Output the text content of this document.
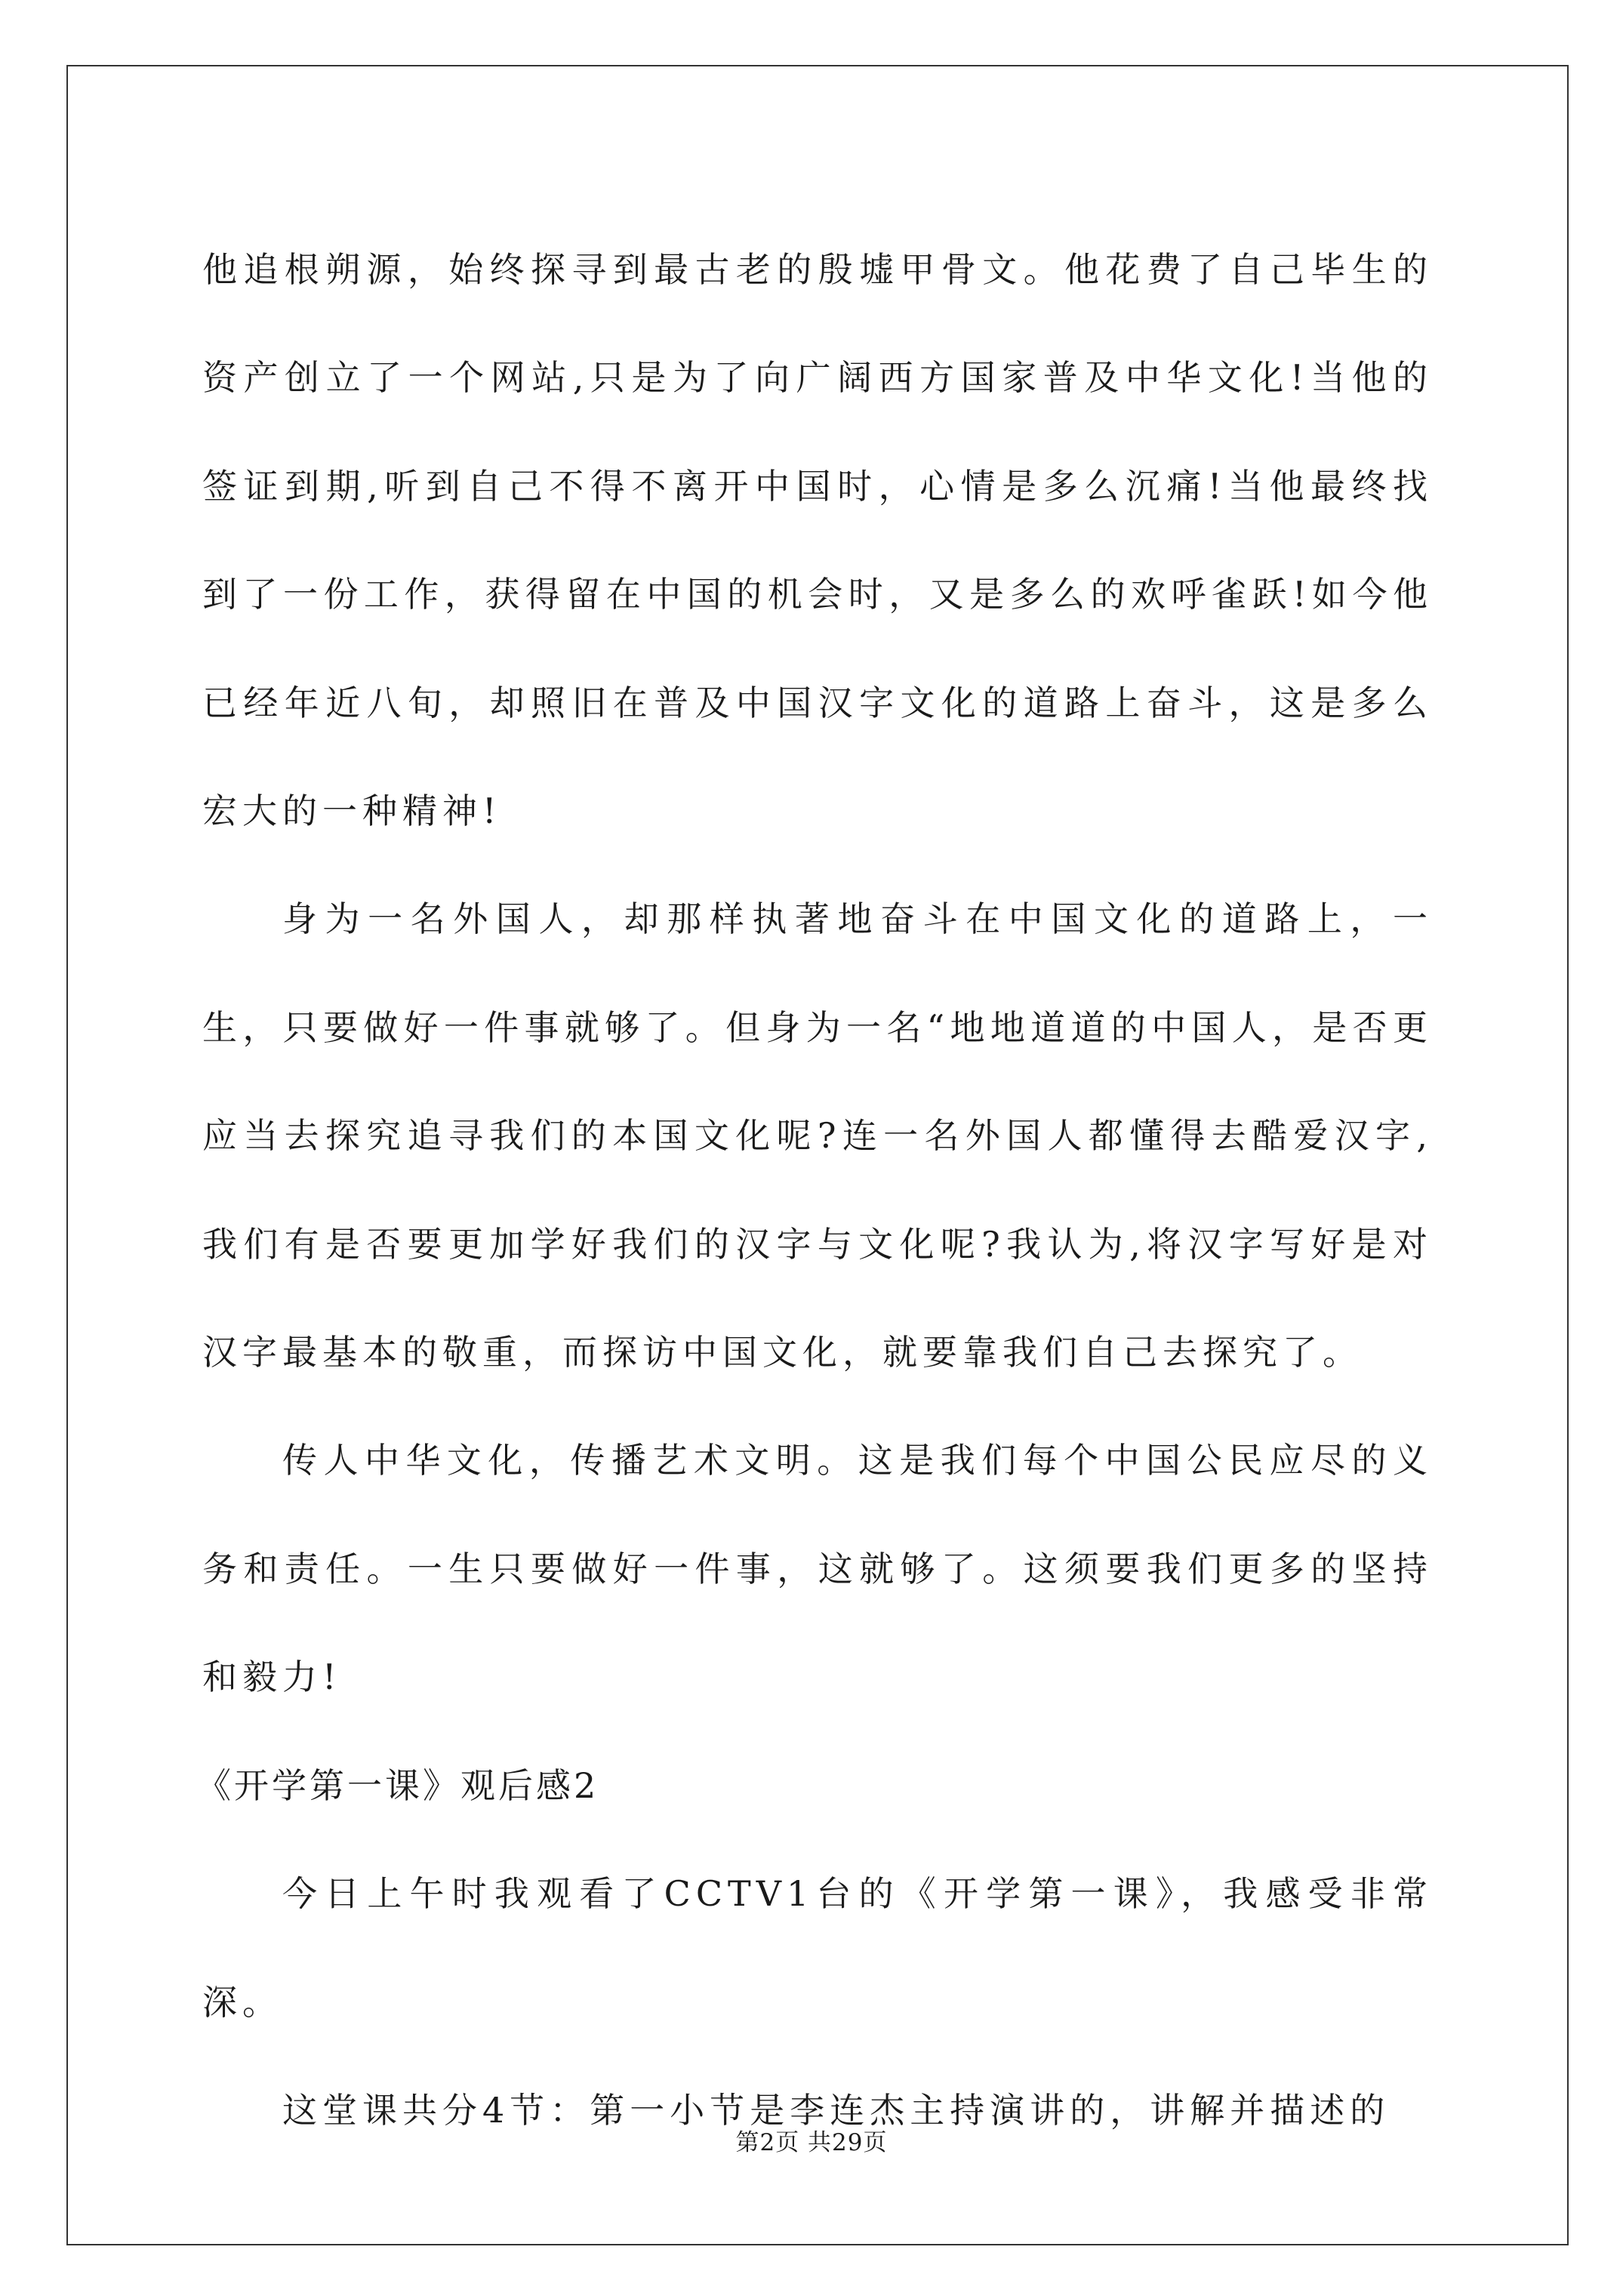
他追根朔源，始终探寻到最古老的殷墟甲骨文。他花费了自己毕生的资产创立了一个网站,只是为了向广阔西方国家普及中华文化!当他的签证到期,听到自己不得不离开中国时，心情是多么沉痛!当他最终找到了一份工作，获得留在中国的机会时，又是多么的欢呼雀跃!如今他已经年近八旬，却照旧在普及中国汉字文化的道路上奋斗，这是多么宏大的一种精神!

身为一名外国人，却那样执著地奋斗在中国文化的道路上，一生，只要做好一件事就够了。但身为一名“地地道道的中国人，是否更应当去探究追寻我们的本国文化呢?连一名外国人都懂得去酷爱汉字,我们有是否要更加学好我们的汉字与文化呢?我认为,将汉字写好是对汉字最基本的敬重，而探访中国文化，就要靠我们自己去探究了。

传人中华文化，传播艺术文明。这是我们每个中国公民应尽的义务和责任。一生只要做好一件事，这就够了。这须要我们更多的坚持和毅力!

《开学第一课》观后感2

今日上午时我观看了CCTV1台的《开学第一课》，我感受非常深。

这堂课共分4节：第一小节是李连杰主持演讲的，讲解并描述的

第2页 共29页
